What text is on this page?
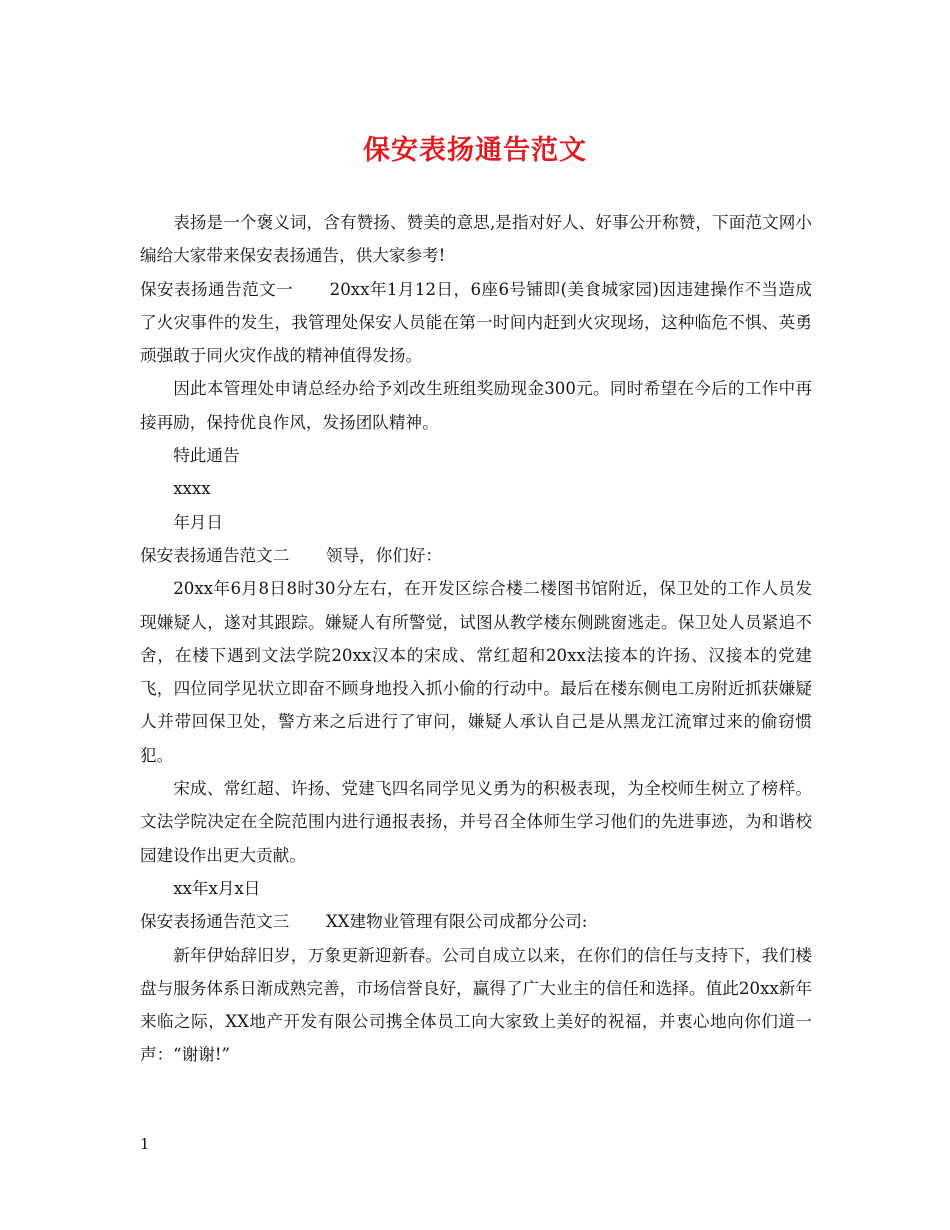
保安表扬通告范文

表扬是一个褒义词，含有赞扬、赞美的意思,是指对好人、好事公开称赞，下面范文网小编给大家带来保安表扬通告，供大家参考!

保安表扬通告范文一 20xx年1月12日，6座6号铺即(美食城家园)因违建操作不当造成了火灾事件的发生，我管理处保安人员能在第一时间内赶到火灾现场，这种临危不惧、英勇顽强敢于同火灾作战的精神值得发扬。

因此本管理处申请总经办给予刘改生班组奖励现金300元。同时希望在今后的工作中再接再励，保持优良作风，发扬团队精神。

特此通告

xxxx

年月日

保安表扬通告范文二 领导，你们好：

20xx年6月8日8时30分左右，在开发区综合楼二楼图书馆附近，保卫处的工作人员发现嫌疑人，遂对其跟踪。嫌疑人有所警觉，试图从教学楼东侧跳窗逃走。保卫处人员紧追不舍，在楼下遇到文法学院20xx汉本的宋成、常红超和20xx法接本的许扬、汉接本的党建飞，四位同学见状立即奋不顾身地投入抓小偷的行动中。最后在楼东侧电工房附近抓获嫌疑人并带回保卫处，警方来之后进行了审问，嫌疑人承认自己是从黑龙江流窜过来的偷窃惯犯。

宋成、常红超、许扬、党建飞四名同学见义勇为的积极表现，为全校师生树立了榜样。文法学院决定在全院范围内进行通报表扬，并号召全体师生学习他们的先进事迹，为和谐校园建设作出更大贡献。

xx年x月x日

保安表扬通告范文三 XX建物业管理有限公司成都分公司:

新年伊始辞旧岁，万象更新迎新春。公司自成立以来，在你们的信任与支持下，我们楼盘与服务体系日渐成熟完善，市场信誉良好，赢得了广大业主的信任和选择。值此20xx新年来临之际，XX地产开发有限公司携全体员工向大家致上美好的祝福，并衷心地向你们道一声：“谢谢!”

1
